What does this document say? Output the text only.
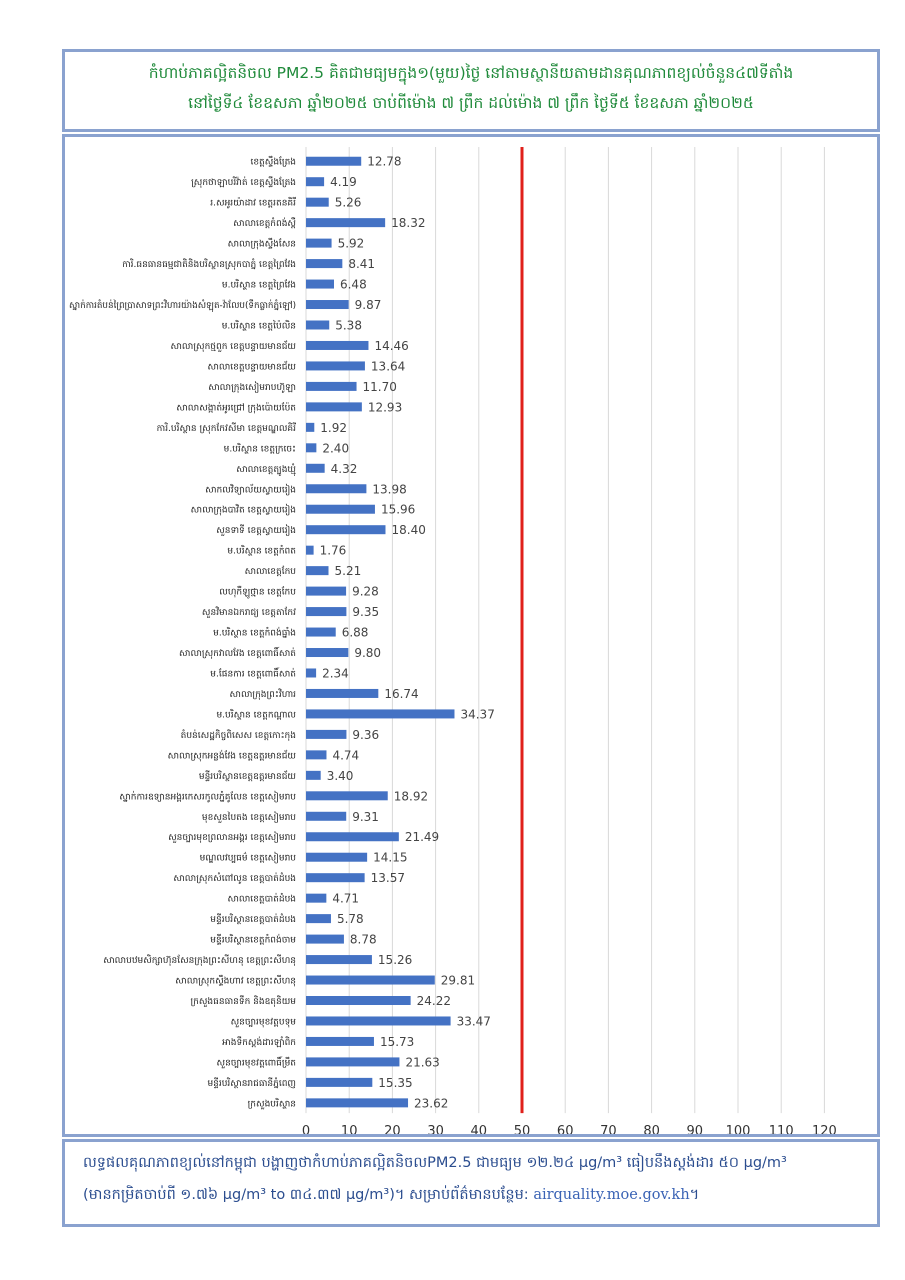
កំហាប់ភាគល្អិតនិចល PM2.5 គិតជាមធ្យមក្នុង១(មួយ)ថ្ងៃ នៅតាមស្ថានីយតាមដានគុណភាពខ្យល់ចំនួន៤៧ទីតាំង
នៅថ្ងៃទី៤ ខែឧសភា ឆ្នាំ២០២៥ ចាប់ពីម៉ោង ៧ ព្រឹក ដល់ម៉ោង ៧ ព្រឹក ថ្ងៃទី៥ ខែឧសភា ឆ្នាំ២០២៥
ខេត្តស្ទឹងត្រែង
ស្រុកថាឡាបរិវ៉ាត់ ខេត្តស្ទឹងត្រែង
រ.សអូរយ៉ាដាវ ខេត្តរតនគិរី
សាលាខេត្តកំពង់ស្ពឺ
សាលាក្រុងស្ទឹងសែន
ការិ.ធនធានធម្មជាតិនិងបរិស្ថានស្រុកបាភ្នំ ខេត្តព្រៃវែង
ម.បរិស្ថាន ខេត្តព្រៃវែង
ស្នាក់ការតំបន់ព្រៃប្រាសាទព្រះវិហារយ៉ាងសំឡុត-វ៉ាលែប(ទឹកធ្លាក់ភ្នំឡៅ)
ម.បរិស្ថាន ខេត្តប៉ៃលិន
សាលាស្រុកថ្មពួក ខេត្តបន្ទាយមានជ័យ
សាលាខេត្តបន្ទាយមានជ័យ
សាលាក្រុងសៀមរាបហ៊ូឡា
សាលាសង្កាត់អូរជ្រៅ ក្រុងប៉ោយប៉ែត
ការិ.បរិស្ថាន ស្រុកកែវសីមា ខេត្តមណ្ឌលគិរី
ម.បរិស្ថាន ខេត្តក្រចេះ
សាលាខេត្តត្បូងឃ្មុំ
សាកលវិទ្យាល័យស្វាយរៀង
សាលាក្រុងបាវិត ខេត្តស្វាយរៀង
សួនទាទី ខេត្តស្វាយរៀង
ម.បរិស្ថាន ខេត្តកំពត
សាលាខេត្តកែប
លហុកឺឡូថ្មាន ខេត្តកែប
សួនវិមានឯករាជ្យ ខេត្តតាកែវ
ម.បរិស្ថាន ខេត្តកំពង់ធ្នាំង
សាលាស្រុកវាលវែង ខេត្តពោធិ៍សាត់
ម.ផែនការ ខេត្តពោធិ៍សាត់
សាលាក្រុងព្រះវិហារ
ម.បរិស្ថាន ខេត្តកណ្ដាល
តំបន់សេដ្ឋកិច្ចពិសេស ខេត្តកោះកុង
សាលាស្រុកអន្លង់វែង ខេត្តឧត្តរមានជ័យ
មន្ទីរបរិស្ថានខេត្តឧត្តរមានជ័យ
ស្នាក់ការឧទ្យានអង្គរកេសរកូលភ្នំគូលែន ខេត្តសៀមរាប
មុខសួនបៃតង ខេត្តសៀមរាប
សួនច្បារមុខព្រលានអង្គរ ខេត្តសៀមរាប
មណ្ឌលវប្បធម៌ ខេត្តសៀមរាប
សាលាស្រុកសំពៅលូន ខេត្តបាត់ដំបង
សាលាខេត្តបាត់ដំបង
មន្ទីរបរិស្ថានខេត្តបាត់ដំបង
មន្ទីរបរិស្ថានខេត្តកំពង់ចាម
សាលាបឋមសិក្សាហ៊ុនសែនក្រុងព្រះសីហនុ ខេត្តព្រះសីហនុ
សាលាស្រុកស្ទឹងហាវ ខេត្តព្រះសីហនុ
ក្រសួងធនធានទឹក និងឧតុនិយម
សួនច្បារមុខវត្តបទុម
អាងទឹកស្តង់ដារឡាំពិក
សួនច្បារមុខវត្តពោធិ៍ម្រឹត
មន្ទីរបរិស្ថានរាជធានីភ្នំពេញ
ក្រសួងបរិស្ថាន
12.78
4.19
5.26
18.32
5.92
8.41
6.48
9.87
5.38
14.46
13.64
11.70
12.93
1.92
2.40
4.32
13.98
15.96
18.40
1.76
5.21
9.28
9.35
6.88
9.80
2.34
16.74
34.37
9.36
4.74
3.40
18.92
9.31
21.49
14.15
13.57
4.71
5.78
8.78
15.26
29.81
24.22
33.47
15.73
21.63
15.35
23.62
0 10 20 30 40 50 60 70 80 90 100 110 120
លទ្ធផលគុណភាពខ្យល់នៅកម្ពុជា បង្ហាញថាកំហាប់ភាគល្អិតនិចលPM2.5 ជាមធ្យម ១២.២៤ μg/m³ ធៀបនឹងស្តង់ដារ ៥០ μg/m³
(មានកម្រិតចាប់ពី ១.៧៦ μg/m³ to ៣៤.៣៧ μg/m³)។ សម្រាប់ព័ត៌មានបន្ថែម: airquality.moe.gov.kh។
